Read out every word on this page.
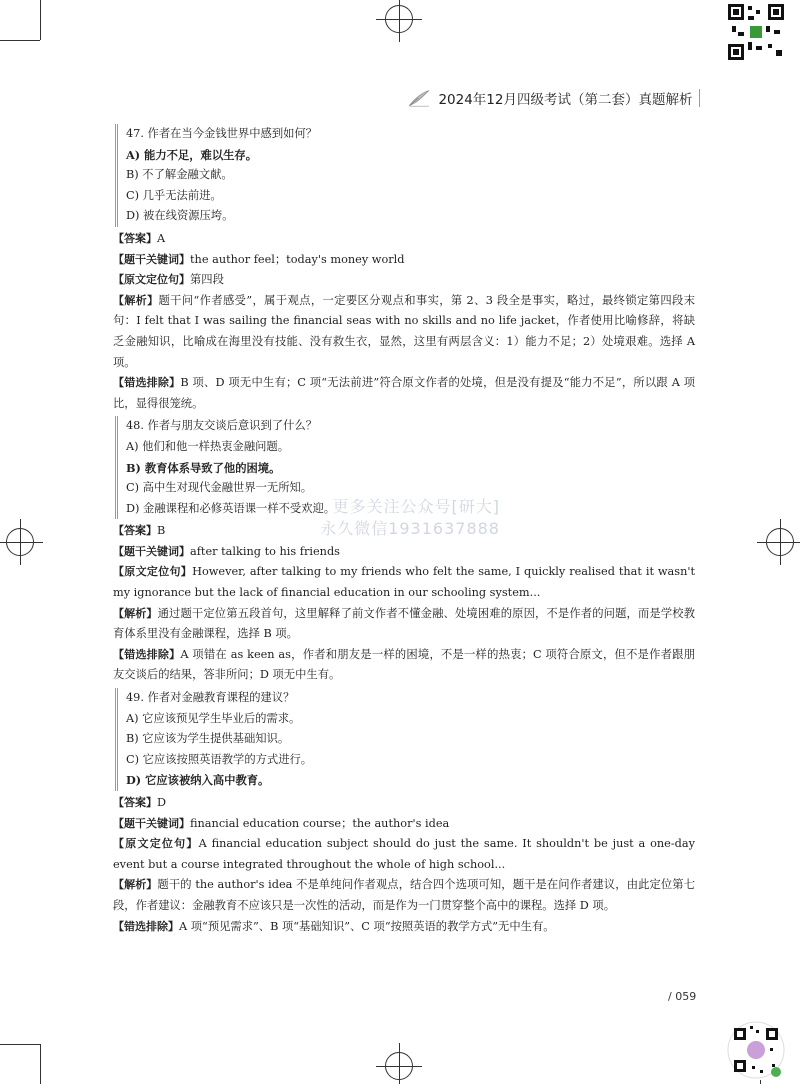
2024年12月四级考试（第二套）真题解析
更多关注公众号[研大]
永久微信1931637888
47. 作者在当今金钱世界中感到如何？
A) 能力不足，难以生存。
B) 不了解金融文献。
C) 几乎无法前进。
D) 被在线资源压垮。
【答案】A
【题干关键词】the author feel；today's money world
【原文定位句】第四段
【解析】题干问“作者感受”，属于观点，一定要区分观点和事实，第 2、3 段全是事实，略过，最终锁定第四段末句：I felt that I was sailing the financial seas with no skills and no life jacket，作者使用比喻修辞，将缺乏金融知识，比喻成在海里没有技能、没有救生衣，显然，这里有两层含义：1）能力不足；2）处境艰难。选择 A 项。
【错选排除】B 项、D 项无中生有；C 项“无法前进”符合原文作者的处境，但是没有提及“能力不足”，所以跟 A 项比，显得很笼统。
48. 作者与朋友交谈后意识到了什么？
A) 他们和他一样热衷金融问题。
B) 教育体系导致了他的困境。
C) 高中生对现代金融世界一无所知。
D) 金融课程和必修英语课一样不受欢迎。
【答案】B
【题干关键词】after talking to his friends
【原文定位句】However, after talking to my friends who felt the same, I quickly realised that it wasn't my ignorance but the lack of financial education in our schooling system...
【解析】通过题干定位第五段首句，这里解释了前文作者不懂金融、处境困难的原因，不是作者的问题，而是学校教育体系里没有金融课程，选择 B 项。
【错选排除】A 项错在 as keen as，作者和朋友是一样的困境，不是一样的热衷；C 项符合原文，但不是作者跟朋友交谈后的结果，答非所问；D 项无中生有。
49. 作者对金融教育课程的建议？
A) 它应该预见学生毕业后的需求。
B) 它应该为学生提供基础知识。
C) 它应该按照英语教学的方式进行。
D) 它应该被纳入高中教育。
【答案】D
【题干关键词】financial education course；the author's idea
【原文定位句】A financial education subject should do just the same. It shouldn't be just a one-day event but a course integrated throughout the whole of high school...
【解析】题干的 the author's idea 不是单纯问作者观点，结合四个选项可知，题干是在问作者建议，由此定位第七段，作者建议：金融教育不应该只是一次性的活动，而是作为一门贯穿整个高中的课程。选择 D 项。
【错选排除】A 项“预见需求”、B 项“基础知识”、C 项“按照英语的教学方式”无中生有。
/ 059
